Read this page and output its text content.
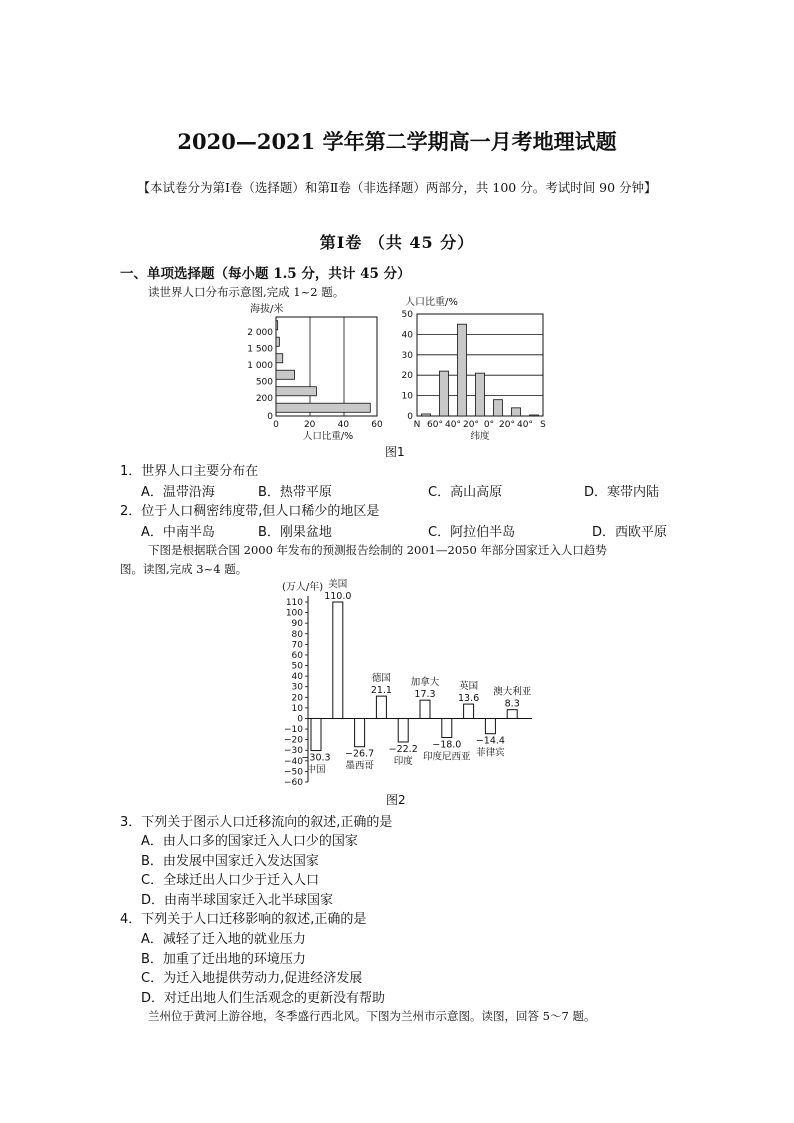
2020—2021 学年第二学期高一月考地理试题
【本试卷分为第Ⅰ卷（选择题）和第Ⅱ卷（非选择题）两部分，共 100 分。考试时间 90 分钟】
第Ⅰ卷 （共 45 分）
一、单项选择题（每小题 1.5 分，共计 45 分）
读世界人口分布示意图,完成 1~2 题。
海拔/米
2 000
1 500
1 000
500
200
0
0	20 40 60
人口比重/%
人口比重/%
50
40
30
20
10
0
N 60° 40° 20° 0° 20° 40° S
纬度
图1
1．世界人口主要分布在
A．温带沿海	B．热带平原	C．高山高原	D．寒带内陆
2．位于人口稠密纬度带,但人口稀少的地区是
A．中南半岛	B．刚果盆地	C．阿拉伯半岛	D．西欧平原
下图是根据联合国 2000 年发布的预测报告绘制的 2001—2050 年部分国家迁入人口趋势
图。读图,完成 3~4 题。
(万人/年)
110
100
90
80
70
60
50
40
30
20
10
0
−10
−20
−30
−40
−50
−60
−30.3
中国
110.0
美国
−26.7
墨西哥
21.1
德国
−22.2
印度
17.3
加拿大
−18.0
印度尼西亚
13.6
英国
−14.4
菲律宾
8.3
澳大利亚
图2
3．下列关于图示人口迁移流向的叙述,正确的是
A．由人口多的国家迁入人口少的国家
B．由发展中国家迁入发达国家
C．全球迁出人口少于迁入人口
D．由南半球国家迁入北半球国家
4．下列关于人口迁移影响的叙述,正确的是
A．减轻了迁入地的就业压力
B．加重了迁出地的环境压力
C．为迁入地提供劳动力,促进经济发展
D．对迁出地人们生活观念的更新没有帮助
兰州位于黄河上游谷地，冬季盛行西北风。下图为兰州市示意图。读图，回答 5～7 题。
